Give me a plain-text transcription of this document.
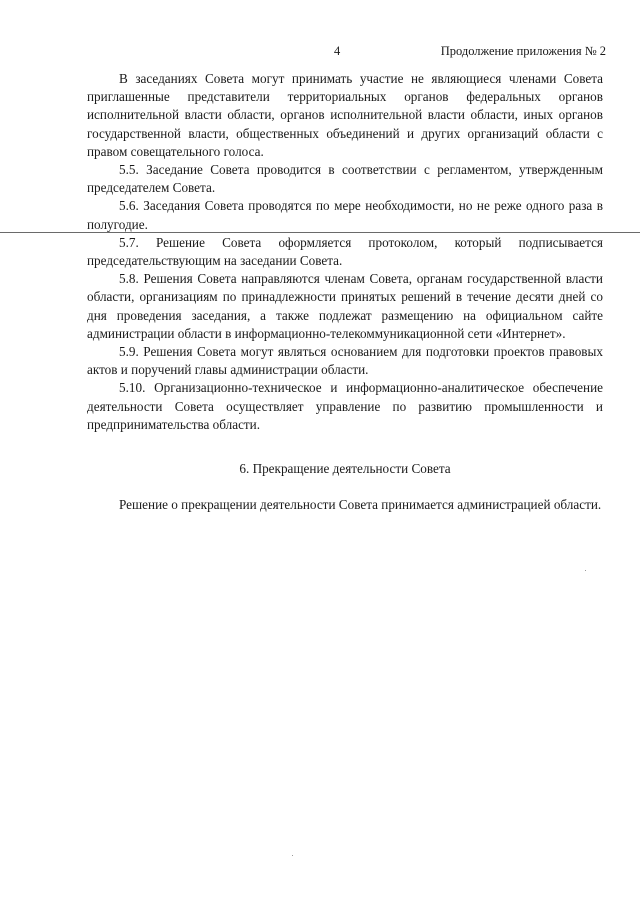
4	Продолжение приложения № 2

В заседаниях Совета могут принимать участие не являющиеся членами Совета приглашенные представители территориальных органов федеральных органов исполнительной власти области, органов исполнительной власти области, иных органов государственной власти, общественных объединений и других организаций области с правом совещательного голоса.

5.5. Заседание Совета проводится в соответствии с регламентом, утвержденным председателем Совета.

5.6. Заседания Совета проводятся по мере необходимости, но не реже одного раза в полугодие.

5.7. Решение Совета оформляется протоколом, который подписывается председательствующим на заседании Совета.

5.8. Решения Совета направляются членам Совета, органам государственной власти области, организациям по принадлежности принятых решений в течение десяти дней со дня проведения заседания, а также подлежат размещению на официальном сайте администрации области в информационно-телекоммуникационной сети «Интернет».

5.9. Решения Совета могут являться основанием для подготовки проектов правовых актов и поручений главы администрации области.

5.10. Организационно-техническое и информационно-аналитическое обеспечение деятельности Совета осуществляет управление по развитию промышленности и предпринимательства области.

6. Прекращение деятельности Совета

Решение о прекращении деятельности Совета принимается администрацией области.
